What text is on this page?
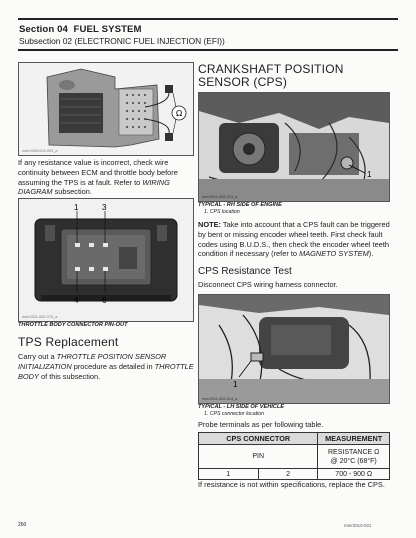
Section 04 FUEL SYSTEM
Subsection 02 (ELECTRONIC FUEL INJECTION (EFI))
Ω
mmr2009-002-003_a
If any resistance value is incorrect, check wire continuity between ECM and throttle body before assuming the TPS is at fault. Refer to WIRING DIAGRAM subsection.
1	3
4	6
mmr2011-002-070_a
THROTTLE BODY CONNECTOR PIN-OUT
TPS Replacement
Carry out a THROTTLE POSITION SENSOR INITIALIZATION procedure as detailed in THROTTLE BODY of this subsection.
CRANKSHAFT POSITION SENSOR (CPS)
1
mmr2011-002-013_a
TYPICAL - RH SIDE OF ENGINE
1. CPS location
NOTE: Take into account that a CPS fault can be triggered by bent or missing encoder wheel teeth. First check fault codes using B.U.D.S., then check the encoder wheel teeth condition if necessary (refer to MAGNETO SYSTEM).
CPS Resistance Test
Disconnect CPS wiring harness connector.
1
mmr2011-002-014_a
TYPICAL - LH SIDE OF VEHICLE
1. CPS connector location
Probe terminals as per following table.
CPS CONNECTOR		MEASUREMENT
PIN		RESISTANCE Ω
@ 20°C (68°F)
1	2	700 - 900 Ω
If resistance is not within specifications, replace the CPS.
260	mmr2010-021
